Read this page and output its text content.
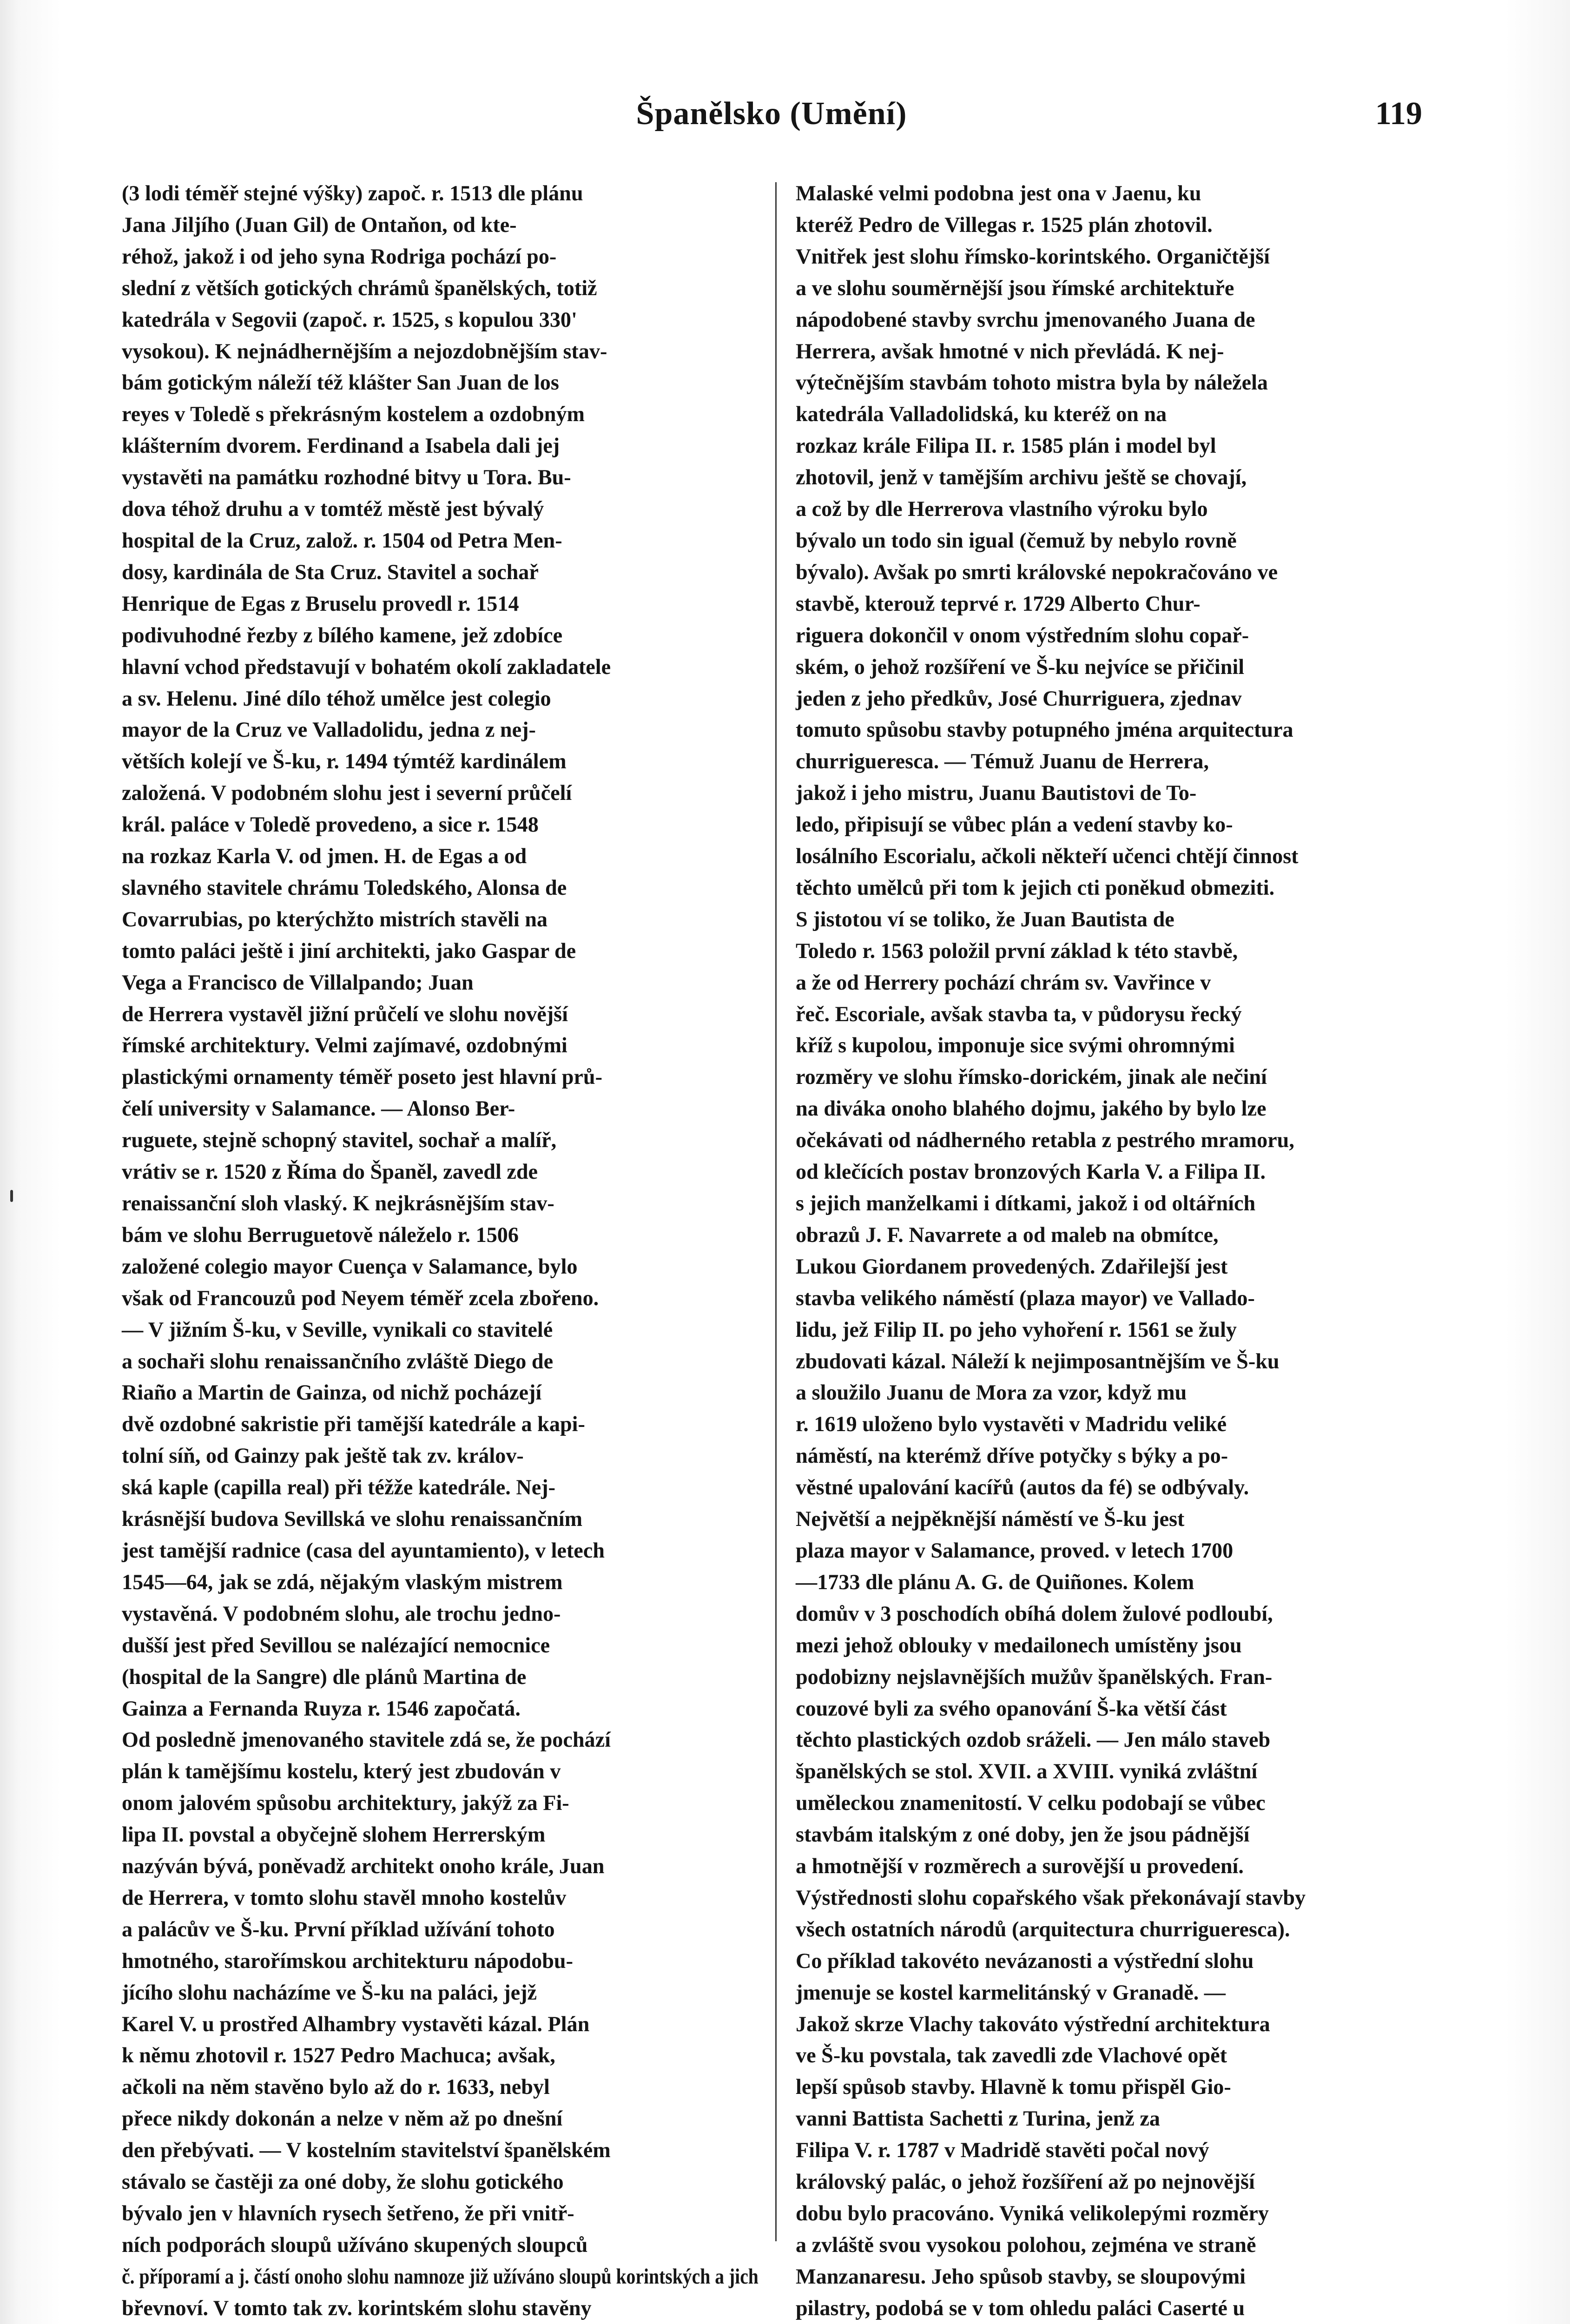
Španělsko (Umění)	119
(3 lodi téměř stejné výšky) započ. r. 1513 dle plánu
Jana Jiljího (Juan Gil) de Ontaňon, od kte-
réhož, jakož i od jeho syna Rodriga pochází po-
slední z větších gotických chrámů španělských, totiž
katedrála v Segovii (započ. r. 1525, s kopulou 330'
vysokou). K nejnádhernějším a nejozdobnějším stav-
bám gotickým náleží též klášter San Juan de los
reyes v Toledě s překrásným kostelem a ozdobným
klášterním dvorem. Ferdinand a Isabela dali jej
vystavěti na památku rozhodné bitvy u Tora. Bu-
dova téhož druhu a v tomtéž městě jest bývalý
hospital de la Cruz, založ. r. 1504 od Petra Men-
dosy, kardinála de Sta Cruz. Stavitel a sochař
Henrique de Egas z Bruselu provedl r. 1514
podivuhodné řezby z bílého kamene, jež zdobíce
hlavní vchod představují v bohatém okolí zakladatele
a sv. Helenu. Jiné dílo téhož umělce jest colegio
mayor de la Cruz ve Valladolidu, jedna z nej-
větších kolejí ve Š-ku, r. 1494 týmtéž kardinálem
založená. V podobném slohu jest i severní průčelí
král. paláce v Toledě provedeno, a sice r. 1548
na rozkaz Karla V. od jmen. H. de Egas a od
slavného stavitele chrámu Toledského, Alonsa de
Covarrubias, po kterýchžto mistrích stavěli na
tomto paláci ještě i jiní architekti, jako Gaspar de
Vega a Francisco de Villalpando; Juan
de Herrera vystavěl jižní průčelí ve slohu novější
římské architektury. Velmi zajímavé, ozdobnými
plastickými ornamenty téměř poseto jest hlavní prů-
čelí university v Salamance. — Alonso Ber-
ruguete, stejně schopný stavitel, sochař a malíř,
vrátiv se r. 1520 z Říma do Španěl, zavedl zde
renaissanční sloh vlaský. K nejkrásnějším stav-
bám ve slohu Berruguetově náleželo r. 1506
založené colegio mayor Cuença v Salamance, bylo
však od Francouzů pod Neyem téměř zcela zbořeno.
— V jižním Š-ku, v Seville, vynikali co stavitelé
a sochaři slohu renaissančního zvláště Diego de
Riaño a Martin de Gainza, od nichž pocházejí
dvě ozdobné sakristie při tamější katedrále a kapi-
tolní síň, od Gainzy pak ještě tak zv. králov-
ská kaple (capilla real) při téžže katedrále. Nej-
krásnější budova Sevillská ve slohu renaissančním
jest tamější radnice (casa del ayuntamiento), v letech
1545—64, jak se zdá, nějakým vlaským mistrem
vystavěná. V podobném slohu, ale trochu jedno-
dušší jest před Sevillou se nalézající nemocnice
(hospital de la Sangre) dle plánů Martina de
Gainza a Fernanda Ruyza r. 1546 započatá.
Od posledně jmenovaného stavitele zdá se, že pochází
plán k tamějšímu kostelu, který jest zbudován v
onom jalovém spůsobu architektury, jakýž za Fi-
lipa II. povstal a obyčejně slohem Herrerským
nazýván bývá, poněvadž architekt onoho krále, Juan
de Herrera, v tomto slohu stavěl mnoho kostelův
a palácův ve Š-ku. První příklad užívání tohoto
hmotného, starořímskou architekturu nápodobu-
jícího slohu nacházíme ve Š-ku na paláci, jejž
Karel V. u prostřed Alhambry vystavěti kázal. Plán
k němu zhotovil r. 1527 Pedro Machuca; avšak,
ačkoli na něm stavěno bylo až do r. 1633, nebyl
přece nikdy dokonán a nelze v něm až po dnešní
den přebývati. — V kostelním stavitelství španělském
stávalo se častěji za oné doby, že slohu gotického
bývalo jen v hlavních rysech šetřeno, že při vnitř-
ních podporách sloupů užíváno skupených sloupců
č. příporamí a j. částí onoho slohu namnoze již užíváno sloupů korintských a jich
břevnoví. V tomto tak zv. korintském slohu stavěny
Malaské velmi podobna jest ona v Jaenu, ku
kteréž Pedro de Villegas r. 1525 plán zhotovil.
Vnitřek jest slohu římsko-korintského. Organičtější
a ve slohu souměrnější jsou římské architektuře
nápodobené stavby svrchu jmenovaného Juana de
Herrera, avšak hmotné v nich převládá. K nej-
výtečnějším stavbám tohoto mistra byla by náležela
katedrála Valladolidská, ku kteréž on na
rozkaz krále Filipa II. r. 1585 plán i model byl
zhotovil, jenž v tamějším archivu ještě se chovají,
a což by dle Herrerova vlastního výroku bylo
bývalo un todo sin igual (čemuž by nebylo rovně
bývalo). Avšak po smrti královské nepokračováno ve
stavbě, kterouž teprvé r. 1729 Alberto Chur-
riguera dokončil v onom výstředním slohu copař-
ském, o jehož rozšíření ve Š-ku nejvíce se přičinil
jeden z jeho předkův, José Churriguera, zjednav
tomuto spůsobu stavby potupného jména arquitectura
churrigueresca. — Témuž Juanu de Herrera,
jakož i jeho mistru, Juanu Bautistovi de To-
ledo, připisují se vůbec plán a vedení stavby ko-
losálního Escorialu, ačkoli někteří učenci chtějí činnost
těchto umělců při tom k jejich cti poněkud obmeziti.
S jistotou ví se toliko, že Juan Bautista de
Toledo r. 1563 položil první základ k této stavbě,
a že od Herrery pochází chrám sv. Vavřince v
řeč. Escoriale, avšak stavba ta, v půdorysu řecký
kříž s kupolou, imponuje sice svými ohromnými
rozměry ve slohu římsko-dorickém, jinak ale nečiní
na diváka onoho blahého dojmu, jakého by bylo lze
očekávati od nádherného retabla z pestrého mramoru,
od klečících postav bronzových Karla V. a Filipa II.
s jejich manželkami i dítkami, jakož i od oltářních
obrazů J. F. Navarrete a od maleb na obmítce,
Lukou Giordanem provedených. Zdařilejší jest
stavba velikého náměstí (plaza mayor) ve Vallado-
lidu, jež Filip II. po jeho vyhoření r. 1561 se žuly
zbudovati kázal. Náleží k nejimposantnějším ve Š-ku
a sloužilo Juanu de Mora za vzor, když mu
r. 1619 uloženo bylo vystavěti v Madridu veliké
náměstí, na kterémž dříve potyčky s býky a po-
věstné upalování kacířů (autos da fé) se odbývaly.
Největší a nejpěknější náměstí ve Š-ku jest
plaza mayor v Salamance, proved. v letech 1700
—1733 dle plánu A. G. de Quiñones. Kolem
domův v 3 poschodích obíhá dolem žulové podloubí,
mezi jehož oblouky v medailonech umístěny jsou
podobizny nejslavnějších mužův španělských. Fran-
couzové byli za svého opanování Š-ka větší část
těchto plastických ozdob sráželi. — Jen málo staveb
španělských se stol. XVII. a XVIII. vyniká zvláštní
uměleckou znamenitostí. V celku podobají se vůbec
stavbám italským z oné doby, jen že jsou pádnější
a hmotnější v rozměrech a surovější u provedení.
Výstřednosti slohu copařského však překonávají stavby
všech ostatních národů (arquitectura churrigueresca).
Co příklad takovéto nevázanosti a výstřední slohu
jmenuje se kostel karmelitánský v Granadě. —
Jakož skrze Vlachy takováto výstřední architektura
ve Š-ku povstala, tak zavedli zde Vlachové opět
lepší spůsob stavby. Hlavně k tomu přispěl Gio-
vanni Battista Sachetti z Turina, jenž za
Filipa V. r. 1787 v Madridě stavěti počal nový
královský palác, o jehož řozšíření až po nejnovější
dobu bylo pracováno. Vyniká velikolepými rozměry
a zvláště svou vysokou polohou, zejména ve straně
Manzanaresu. Jeho spůsob stavby, se sloupovými
pilastry, podobá se v tom ohledu paláci Caserté u
